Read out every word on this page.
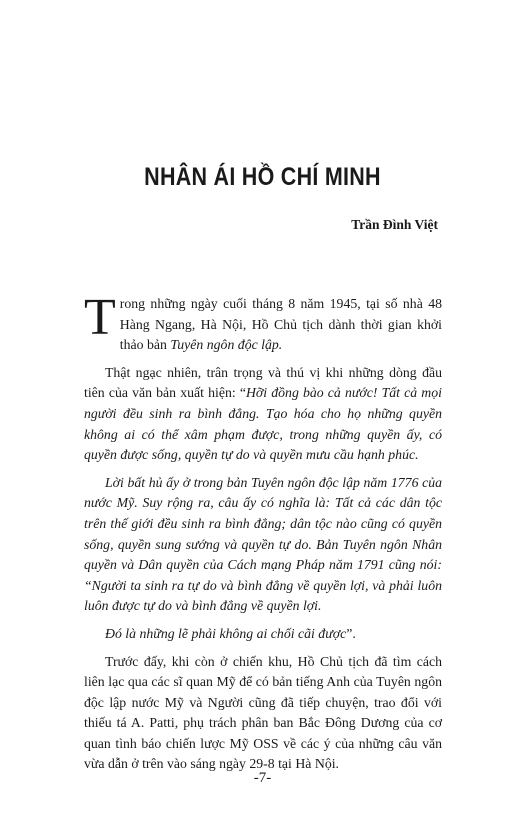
NHÂN ÁI HỒ CHÍ MINH
Trần Đình Việt

Trong những ngày cuối tháng 8 năm 1945, tại số nhà 48 Hàng Ngang, Hà Nội, Hồ Chủ tịch dành thời gian khởi thảo bản Tuyên ngôn độc lập.

Thật ngạc nhiên, trân trọng và thú vị khi những dòng đầu tiên của văn bản xuất hiện: “Hỡi đồng bào cả nước! Tất cả mọi người đều sinh ra bình đẳng. Tạo hóa cho họ những quyền không ai có thể xâm phạm được, trong những quyền ấy, có quyền được sống, quyền tự do và quyền mưu cầu hạnh phúc.

Lời bất hủ ấy ở trong bản Tuyên ngôn độc lập năm 1776 của nước Mỹ. Suy rộng ra, câu ấy có nghĩa là: Tất cả các dân tộc trên thế giới đều sinh ra bình đẳng; dân tộc nào cũng có quyền sống, quyền sung sướng và quyền tự do. Bản Tuyên ngôn Nhân quyền và Dân quyền của Cách mạng Pháp năm 1791 cũng nói: “Người ta sinh ra tự do và bình đẳng về quyền lợi, và phải luôn luôn được tự do và bình đẳng về quyền lợi.

Đó là những lẽ phải không ai chối cãi được”.

Trước đấy, khi còn ở chiến khu, Hồ Chủ tịch đã tìm cách liên lạc qua các sĩ quan Mỹ để có bản tiếng Anh của Tuyên ngôn độc lập nước Mỹ và Người cũng đã tiếp chuyện, trao đổi với thiếu tá A. Patti, phụ trách phân ban Bắc Đông Dương của cơ quan tình báo chiến lược Mỹ OSS về các ý của những câu văn vừa dẫn ở trên vào sáng ngày 29-8 tại Hà Nội.

-7-
